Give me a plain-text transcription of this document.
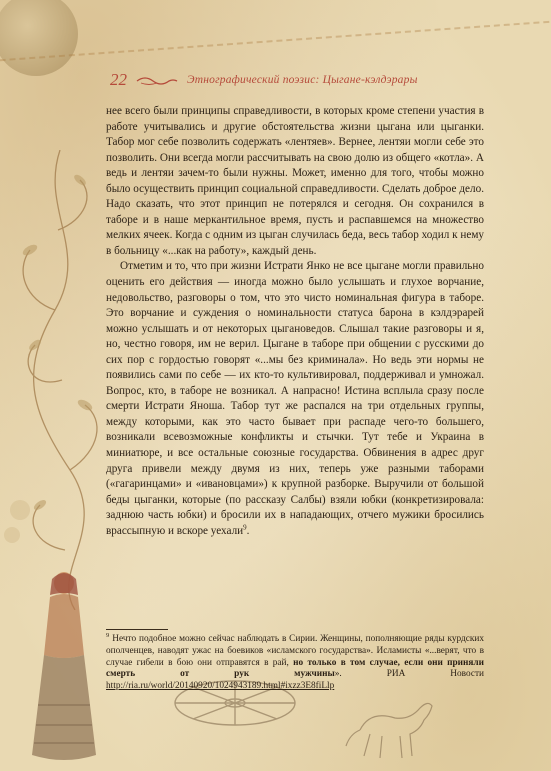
22	Этнографический поэзис: Цыгане-кэлдэрары

нее всего были принципы справедливости, в которых кроме степени участия в работе учитывались и другие обстоятельства жизни цыгана или цыганки. Табор мог себе позволить содержать «лентяев». Вернее, лентяи могли себе это позволить. Они всегда могли рассчитывать на свою долю из общего «котла». А ведь и лентяи зачем-то были нужны. Может, именно для того, чтобы можно было осуществить принцип социальной справедливости. Сделать доброе дело. Надо сказать, что этот принцип не потерялся и сегодня. Он сохранился в таборе и в наше меркантильное время, пусть и распавшемся на множество мелких ячеек. Когда с одним из цыган случилась беда, весь табор ходил к нему в больницу «...как на работу», каждый день.

Отметим и то, что при жизни Истрати Янко не все цыгане могли правильно оценить его действия — иногда можно было услышать и глухое ворчание, недовольство, разговоры о том, что это чисто номинальная фигура в таборе. Это ворчание и суждения о номинальности статуса барона в кэлдэрарей можно услышать и от некоторых цыгановедов. Слышал такие разговоры и я, но, честно говоря, им не верил. Цыгане в таборе при общении с русскими до сих пор с гордостью говорят «...мы без криминала». Но ведь эти нормы не появились сами по себе — их кто-то культивировал, поддерживал и умножал. Вопрос, кто, в таборе не возникал. А напрасно! Истина всплыла сразу после смерти Истрати Яноша. Табор тут же распался на три отдельных группы, между которыми, как это часто бывает при распаде чего-то большего, возникали всевозможные конфликты и стычки. Тут тебе и Украина в миниатюре, и все остальные союзные государства. Обвинения в адрес друг друга привели между двумя из них, теперь уже разными таборами («гагаринцами» и «ивановцами») к крупной разборке. Выручили от большой беды цыганки, которые (по рассказу Салбы) взяли юбки (конкретизировала: заднюю часть юбки) и бросили их в нападающих, отчего мужики бросились врассыпную и вскоре уехали$^9$.

$^9$ Нечто подобное можно сейчас наблюдать в Сирии. Женщины, пополняющие ряды курдских ополченцев, наводят ужас на боевиков «исламского государства». Исламисты «...верят, что в случае гибели в бою они отправятся в рай, но только в том случае, если они приняли смерть от рук мужчины». РИА Новости http://ria.ru/world/20140920/1024943189.html#ixzz3E8fiLlp
